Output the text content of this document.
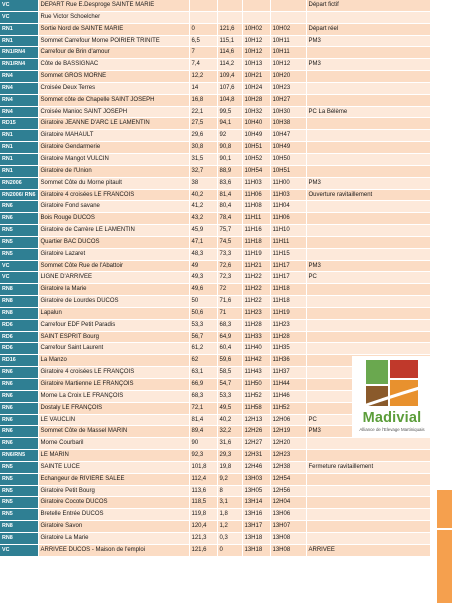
VC	DEPART Rue E.Desproge SAINTE MARIE					Départ fictif
VC	Rue Victor Schoelcher					
RN1	Sortie Nord de SAINTE MARIE	0	121,6	10H02	10H02	Départ réel
RN1	Sommet Carrefour Morne POIRIER TRINITE	6,5	115,1	10H12	10H11	PM3
RN1/RN4	Carrefour de Brin d'amour	7	114,6	10H12	10H11	
RN1/RN4	Côte de BASSIGNAC	7,4	114,2	10H13	10H12	PM3
RN4	Sommet GROS MORNE	12,2	109,4	10H21	10H20	
RN4	Croisée Deux Terres	14	107,6	10H24	10H23	
RN4	Sommet côte de Chapelle SAINT JOSEPH	16,8	104,8	10H28	10H27	
RN4	Croisée Manioc SAINT JOSEPH	22,1	99,5	10H32	10H30	PC La Bélème
RD15	Giratoire JEANNE D'ARC LE LAMENTIN	27,5	94,1	10H40	10H38	
RN1	Giratoire MAHAULT	29,6	92	10H49	10H47	
RN1	Giratoire Gendarmerie	30,8	90,8	10H51	10H49	
RN1	Giratoire Mangot VULCIN	31,5	90,1	10H52	10H50	
RN1	Giratoire de l'Union	32,7	88,9	10H54	10H51	
RN2006	Sommet Côte du Morne pitault	38	83,6	11H03	11H00	PM3
RN2006/ RN6	Giratoire 4 croisées LE FRANCOIS	40,2	81,4	11H06	11H03	Ouverture ravitaillement
RN6	Giratoire Fond savane	41,2	80,4	11H08	11H04	
RN6	Bois Rouge DUCOS	43,2	78,4	11H11	11H06	
RN5	Giratoire de Carrère LE LAMENTIN	45,9	75,7	11H16	11H10	
RN5	Quartier BAC DUCOS	47,1	74,5	11H18	11H11	
RN5	Giratoire Lazaret	48,3	73,3	11H19	11H15	
VC	Sommet Côte Rue de l'Abattoir	49	72,6	11H21	11H17	PM3
VC	LIGNE D'ARRIVEE	49,3	72,3	11H22	11H17	PC
RN8	Giratoire la Marie	49,6	72	11H22	11H18	
RN8	Giratoire de Lourdes DUCOS	50	71,6	11H22	11H18	
RN8	Lapalun	50,6	71	11H23	11H19	
RD6	Carrefour EDF Petit Paradis	53,3	68,3	11H28	11H23	
RD6	SAINT ESPRIT Bourg	56,7	64,9	11H33	11H28	
RD6	Carrefour Saint Laurent	61,2	60,4	11H40	11H35	
RD16	La Manzo	62	59,6	11H42	11H36	
RN6	Giratoire 4 croisées LE FRANÇOIS	63,1	58,5	11H43	11H37	
RN6	Giratoire Martienne LE FRANÇOIS	66,9	54,7	11H50	11H44	
RN6	Morne La Croix LE FRANÇOIS	68,3	53,3	11H52	11H46	
RN6	Dostaly LE FRANÇOIS	72,1	49,5	11H58	11H52	
RN6	LE VAUCLIN	81,4	40,2	12H13	12H06	PC
RN6	Sommet Côte de Massel MARIN	89,4	32,2	12H26	12H19	PM3
RN6	Morne Courbaril	90	31,6	12H27	12H20	
RN6/RN5	LE MARIN	92,3	29,3	12H31	12H23	
RN5	SAINTE LUCE	101,8	19,8	12H46	12H38	Fermeture ravitaillement
RN5	Echangeur de RIVIERE SALEE	112,4	9,2	13H03	12H54	
RN5	Giratoire Petit Bourg	113,6	8	13H05	12H56	
RN5	Giratoire Cocote DUCOS	118,5	3,1	13H14	12H04	
RN5	Bretelle Entrée DUCOS	119,8	1,8	13H16	13H06	
RN8	Giratoire Savon	120,4	1,2	13H17	13H07	
RN8	Giratoire La Marie	121,3	0,3	13H18	13H08	
VC	ARRIVEE DUCOS - Maison de l'emploi	121,6	0	13H18	13H08	ARRIVEE
Madivial
Alliance de l'Elevage Martiniquais
